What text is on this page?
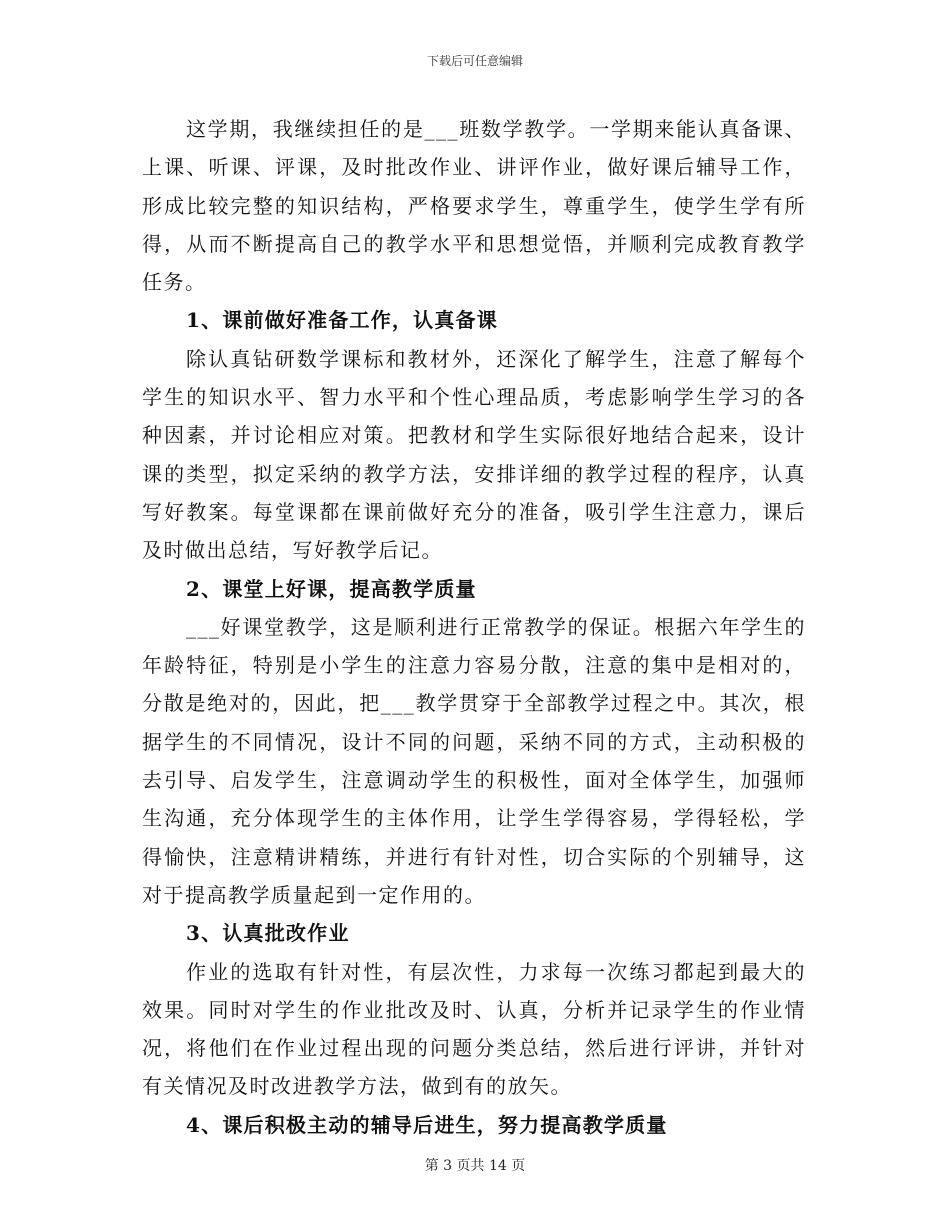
下载后可任意编辑

这学期，我继续担任的是___班数学教学。一学期来能认真备课、上课、听课、评课，及时批改作业、讲评作业，做好课后辅导工作，形成比较完整的知识结构，严格要求学生，尊重学生，使学生学有所得，从而不断提高自己的教学水平和思想觉悟，并顺利完成教育教学任务。

1、课前做好准备工作，认真备课

除认真钻研数学课标和教材外，还深化了解学生，注意了解每个学生的知识水平、智力水平和个性心理品质，考虑影响学生学习的各种因素，并讨论相应对策。把教材和学生实际很好地结合起来，设计课的类型，拟定采纳的教学方法，安排详细的教学过程的程序，认真写好教案。每堂课都在课前做好充分的准备，吸引学生注意力，课后及时做出总结，写好教学后记。

2、课堂上好课，提高教学质量

___好课堂教学，这是顺利进行正常教学的保证。根据六年学生的年龄特征，特别是小学生的注意力容易分散，注意的集中是相对的，分散是绝对的，因此，把___教学贯穿于全部教学过程之中。其次，根据学生的不同情况，设计不同的问题，采纳不同的方式，主动积极的去引导、启发学生，注意调动学生的积极性，面对全体学生，加强师生沟通，充分体现学生的主体作用，让学生学得容易，学得轻松，学得愉快，注意精讲精练，并进行有针对性，切合实际的个别辅导，这对于提高教学质量起到一定作用的。

3、认真批改作业

作业的选取有针对性，有层次性，力求每一次练习都起到最大的效果。同时对学生的作业批改及时、认真，分析并记录学生的作业情况，将他们在作业过程出现的问题分类总结，然后进行评讲，并针对有关情况及时改进教学方法，做到有的放矢。

4、课后积极主动的辅导后进生，努力提高教学质量

第 3 页共 14 页
